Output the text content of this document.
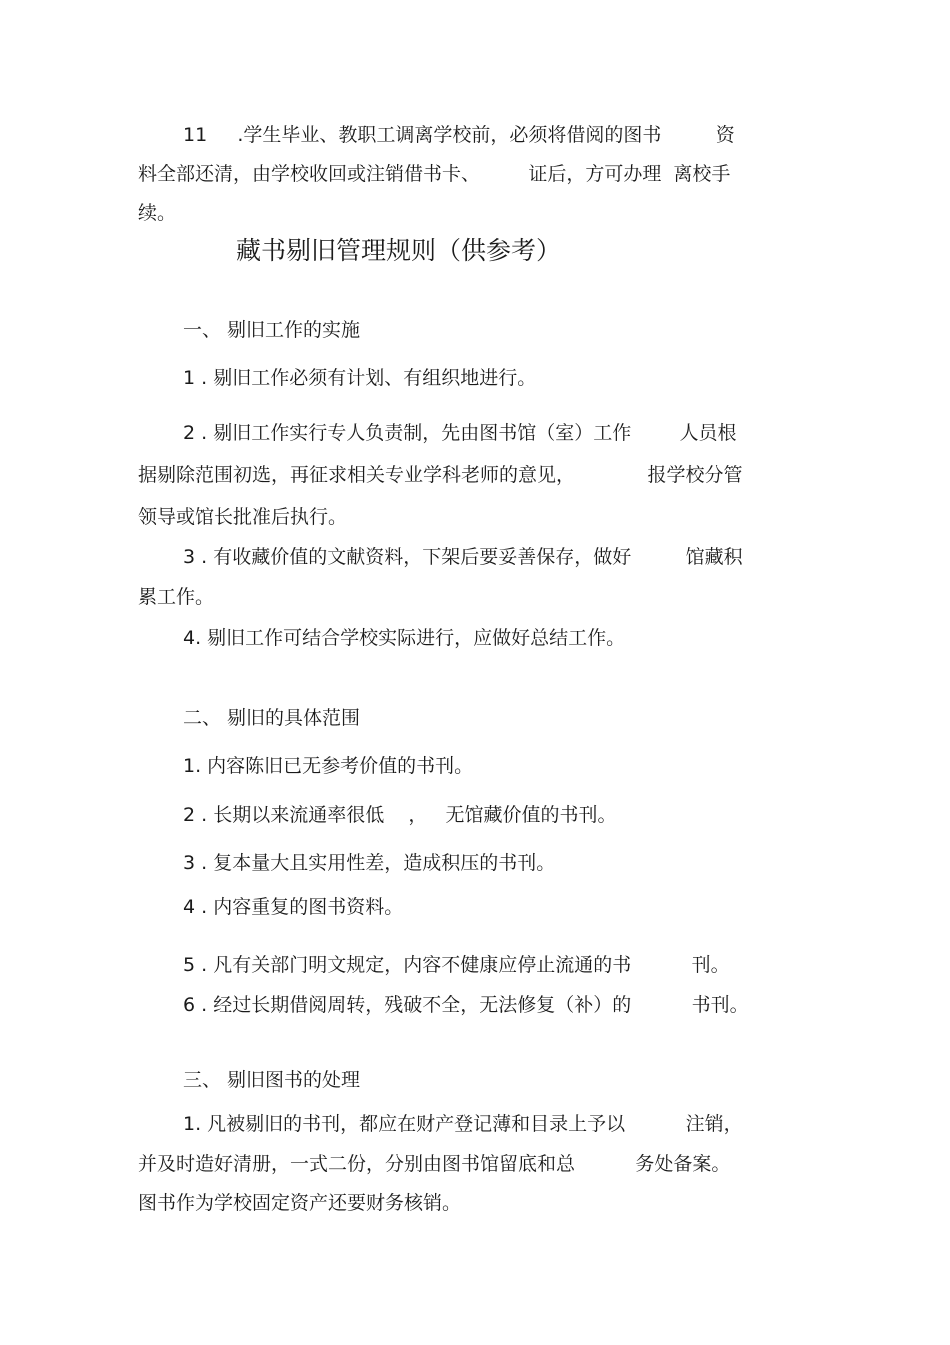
11     .学生毕业、教职工调离学校前，必须将借阅的图书         资

料全部还清，由学校收回或注销借书卡、        证后，方可办理  离校手

续。

藏书剔旧管理规则（供参考）

一、 剔旧工作的实施

1 . 剔旧工作必须有计划、有组织地进行。

2 . 剔旧工作实行专人负责制，先由图书馆（室）工作        人员根

据剔除范围初选，再征求相关专业学科老师的意见，            报学校分管

领导或馆长批准后执行。

3 . 有收藏价值的文献资料，下架后要妥善保存，做好         馆藏积

累工作。

4. 剔旧工作可结合学校实际进行，应做好总结工作。

二、 剔旧的具体范围

1. 内容陈旧已无参考价值的书刊。

2 . 长期以来流通率很低    ，   无馆藏价值的书刊。

3 . 复本量大且实用性差，造成积压的书刊。

4 . 内容重复的图书资料。

5 . 凡有关部门明文规定，内容不健康应停止流通的书          刊。

6 . 经过长期借阅周转，残破不全，无法修复（补）的          书刊。

三、 剔旧图书的处理

1. 凡被剔旧的书刊，都应在财产登记薄和目录上予以          注销，

并及时造好清册，一式二份，分别由图书馆留底和总          务处备案。

图书作为学校固定资产还要财务核销。
